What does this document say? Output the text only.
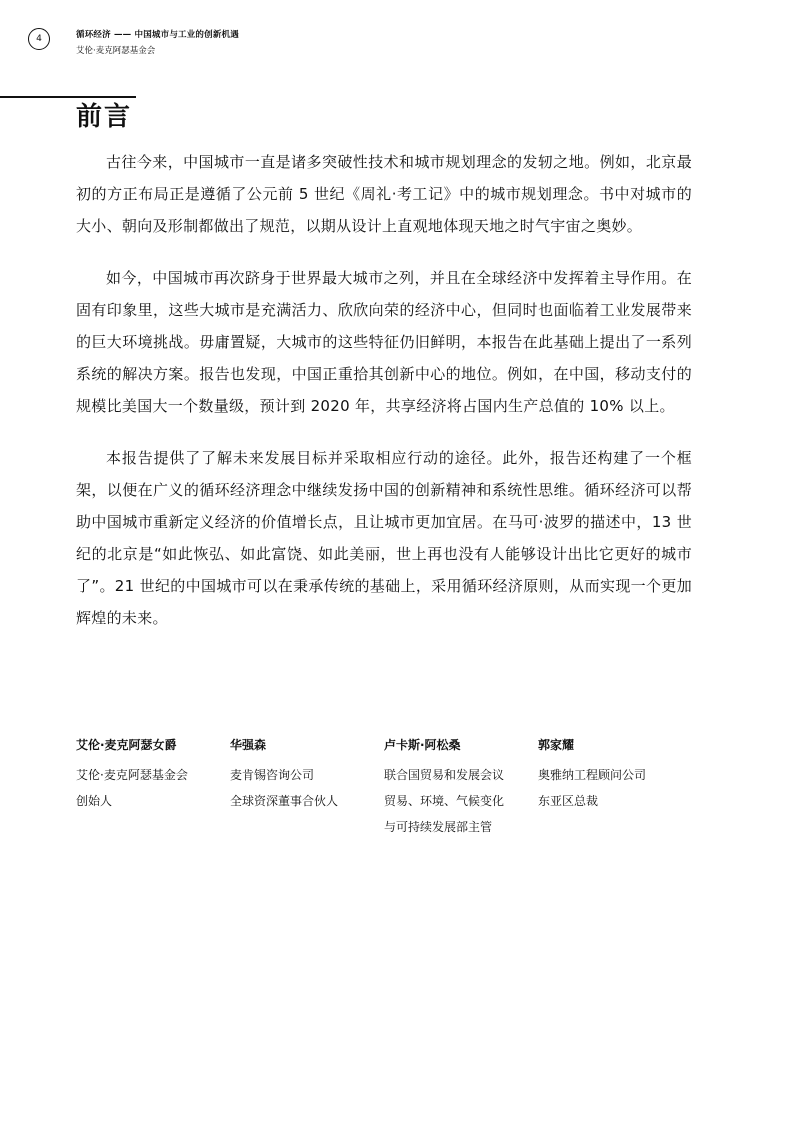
4	循环经济 —— 中国城市与工业的创新机遇
艾伦·麦克阿瑟基金会
前言

古往今来，中国城市一直是诸多突破性技术和城市规划理念的发轫之地。例如，北京最初的方正布局正是遵循了公元前 5 世纪《周礼·考工记》中的城市规划理念。书中对城市的大小、朝向及形制都做出了规范，以期从设计上直观地体现天地之时气宇宙之奥妙。

如今，中国城市再次跻身于世界最大城市之列，并且在全球经济中发挥着主导作用。在固有印象里，这些大城市是充满活力、欣欣向荣的经济中心，但同时也面临着工业发展带来的巨大环境挑战。毋庸置疑，大城市的这些特征仍旧鲜明，本报告在此基础上提出了一系列系统的解决方案。报告也发现，中国正重拾其创新中心的地位。例如，在中国，移动支付的规模比美国大一个数量级，预计到 2020 年，共享经济将占国内生产总值的 10% 以上。

本报告提供了了解未来发展目标并采取相应行动的途径。此外，报告还构建了一个框架，以便在广义的循环经济理念中继续发扬中国的创新精神和系统性思维。循环经济可以帮助中国城市重新定义经济的价值增长点，且让城市更加宜居。在马可·波罗的描述中，13 世纪的北京是“如此恢弘、如此富饶、如此美丽，世上再也没有人能够设计出比它更好的城市了”。21 世纪的中国城市可以在秉承传统的基础上，采用循环经济原则，从而实现一个更加辉煌的未来。

艾伦·麦克阿瑟女爵
艾伦·麦克阿瑟基金会
创始人
华强森
麦肯锡咨询公司
全球资深董事合伙人
卢卡斯·阿松桑
联合国贸易和发展会议
贸易、环境、气候变化
与可持续发展部主管
郭家耀
奥雅纳工程顾问公司
东亚区总裁
